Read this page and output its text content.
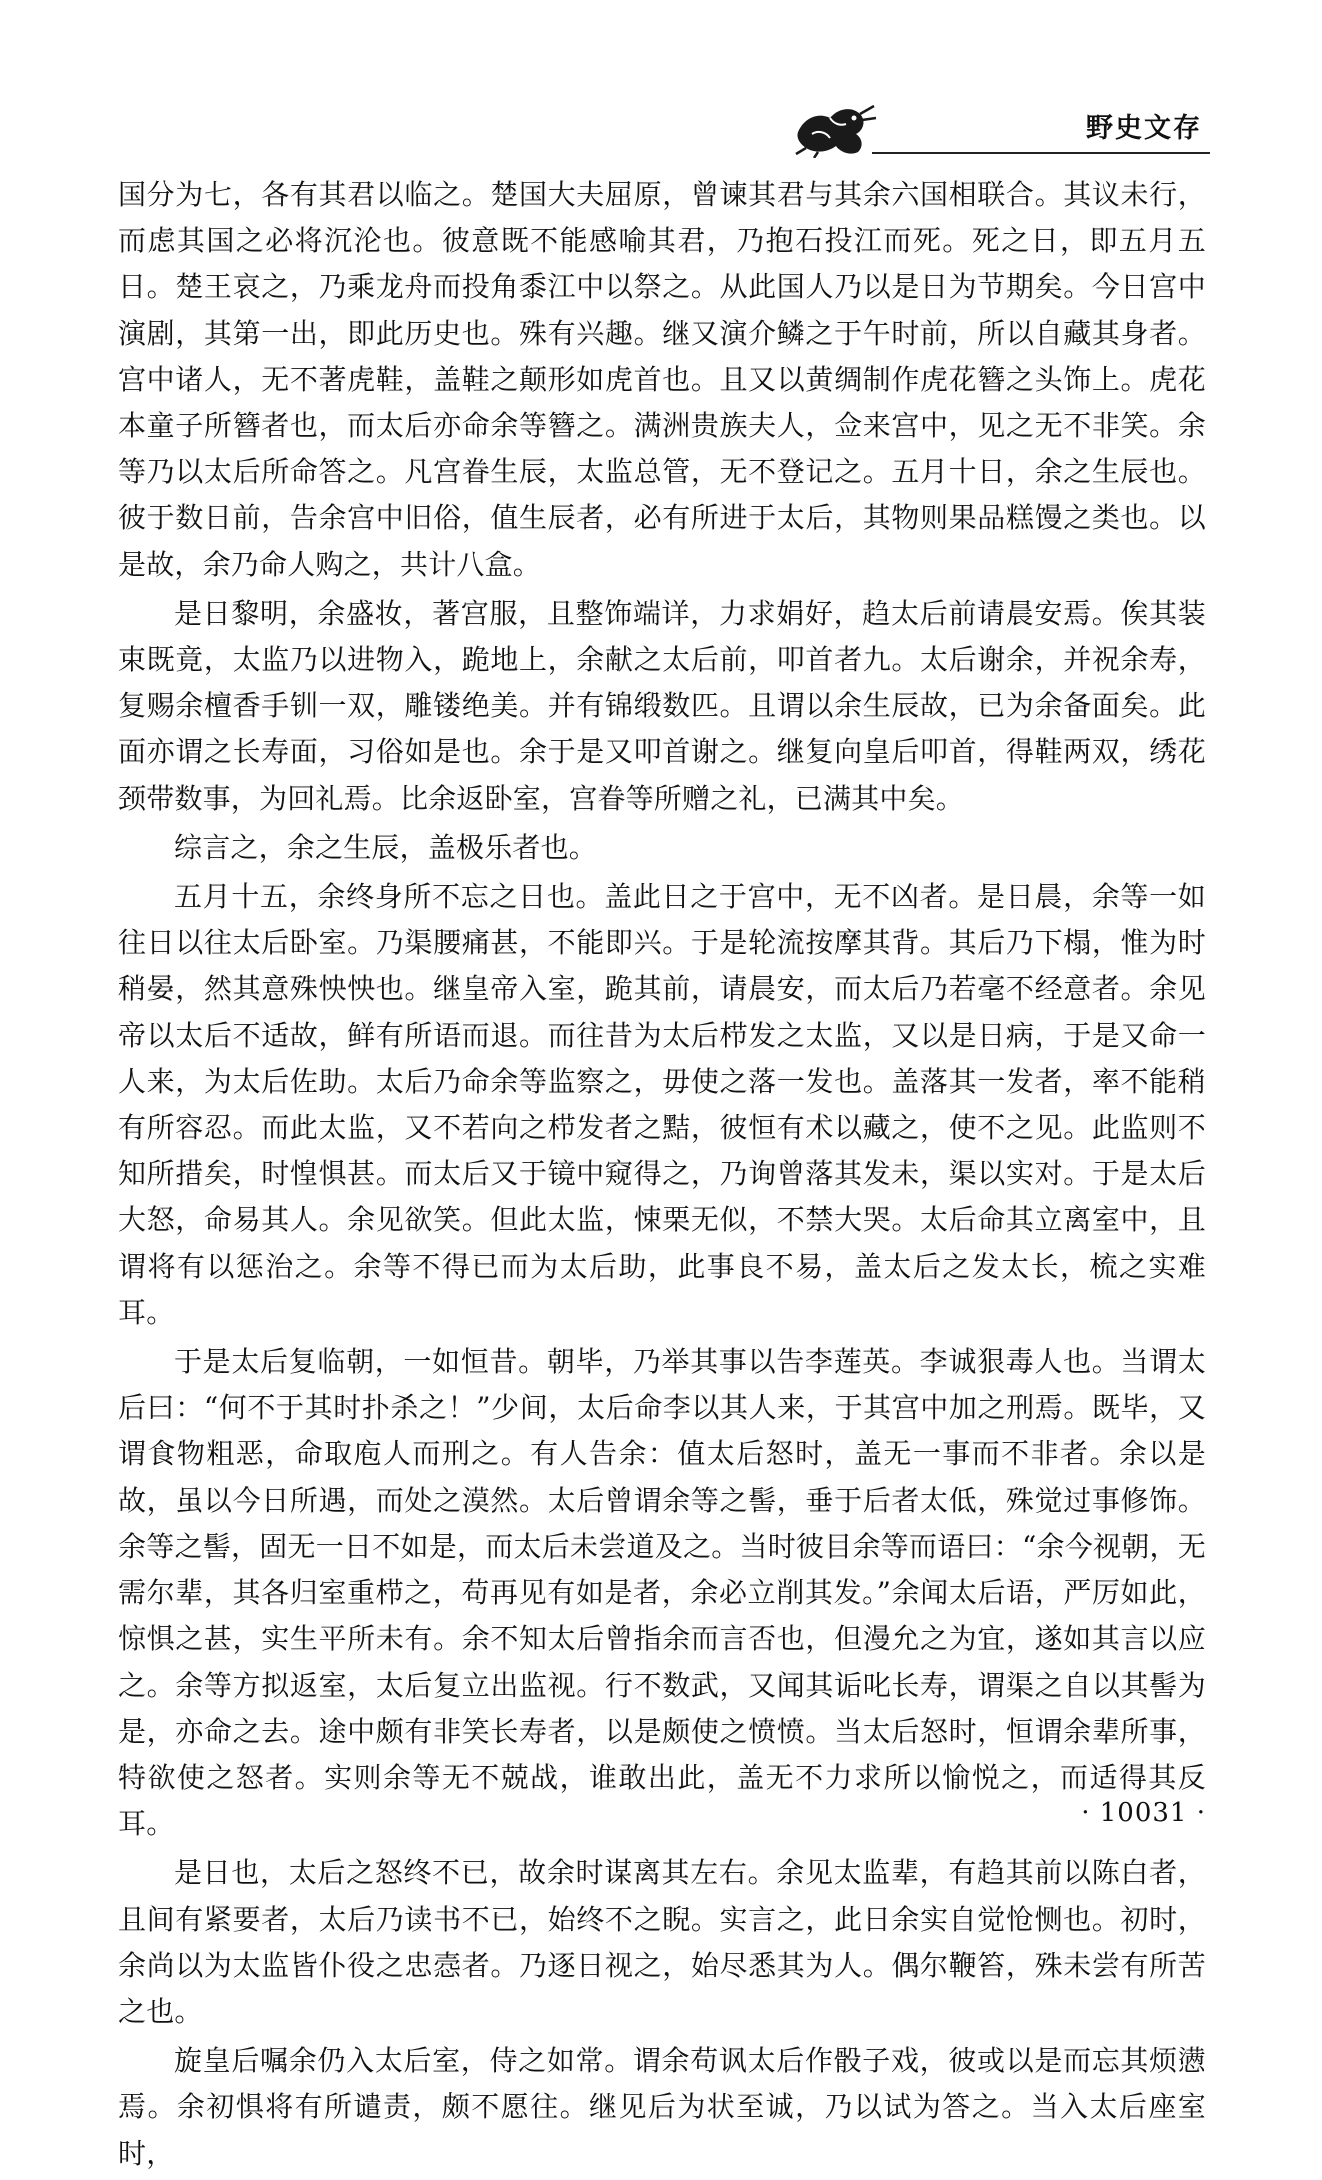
野史文存

国分为七，各有其君以临之。楚国大夫屈原，曾谏其君与其余六国相联合。其议未行，而虑其国之必将沉沦也。彼意既不能感喻其君，乃抱石投江而死。死之日，即五月五日。楚王哀之，乃乘龙舟而投角黍江中以祭之。从此国人乃以是日为节期矣。今日宫中演剧，其第一出，即此历史也。殊有兴趣。继又演介鳞之于午时前，所以自藏其身者。宫中诸人，无不著虎鞋，盖鞋之颠形如虎首也。且又以黄绸制作虎花簪之头饰上。虎花本童子所簪者也，而太后亦命余等簪之。满洲贵族夫人，佥来宫中，见之无不非笑。余等乃以太后所命答之。凡宫眷生辰，太监总管，无不登记之。五月十日，余之生辰也。彼于数日前，告余宫中旧俗，值生辰者，必有所进于太后，其物则果品糕馒之类也。以是故，余乃命人购之，共计八盒。

是日黎明，余盛妆，著宫服，且整饰端详，力求娟好，趋太后前请晨安焉。俟其装束既竟，太监乃以进物入，跪地上，余献之太后前，叩首者九。太后谢余，并祝余寿，复赐余檀香手钏一双，雕镂绝美。并有锦缎数匹。且谓以余生辰故，已为余备面矣。此面亦谓之长寿面，习俗如是也。余于是又叩首谢之。继复向皇后叩首，得鞋两双，绣花颈带数事，为回礼焉。比余返卧室，宫眷等所赠之礼，已满其中矣。

综言之，余之生辰，盖极乐者也。

五月十五，余终身所不忘之日也。盖此日之于宫中，无不凶者。是日晨，余等一如往日以往太后卧室。乃渠腰痛甚，不能即兴。于是轮流按摩其背。其后乃下榻，惟为时稍晏，然其意殊怏怏也。继皇帝入室，跪其前，请晨安，而太后乃若毫不经意者。余见帝以太后不适故，鲜有所语而退。而往昔为太后栉发之太监，又以是日病，于是又命一人来，为太后佐助。太后乃命余等监察之，毋使之落一发也。盖落其一发者，率不能稍有所容忍。而此太监，又不若向之栉发者之黠，彼恒有术以藏之，使不之见。此监则不知所措矣，时惶惧甚。而太后又于镜中窥得之，乃询曾落其发未，渠以实对。于是太后大怒，命易其人。余见欲笑。但此太监，悚栗无似，不禁大哭。太后命其立离室中，且谓将有以惩治之。余等不得已而为太后助，此事良不易，盖太后之发太长，梳之实难耳。

于是太后复临朝，一如恒昔。朝毕，乃举其事以告李莲英。李诚狠毒人也。当谓太后曰：“何不于其时扑杀之！”少间，太后命李以其人来，于其宫中加之刑焉。既毕，又谓食物粗恶，命取庖人而刑之。有人告余：值太后怒时，盖无一事而不非者。余以是故，虽以今日所遇，而处之漠然。太后曾谓余等之髻，垂于后者太低，殊觉过事修饰。余等之髻，固无一日不如是，而太后未尝道及之。当时彼目余等而语曰：“余今视朝，无需尔辈，其各归室重栉之，苟再见有如是者，余必立削其发。”余闻太后语，严厉如此，惊惧之甚，实生平所未有。余不知太后曾指余而言否也，但漫允之为宜，遂如其言以应之。余等方拟返室，太后复立出监视。行不数武，又闻其诟叱长寿，谓渠之自以其髻为是，亦命之去。途中颇有非笑长寿者，以是颇使之愤愤。当太后怒时，恒谓余辈所事，特欲使之怒者。实则余等无不兢战，谁敢出此，盖无不力求所以愉悦之，而适得其反耳。

是日也，太后之怒终不已，故余时谋离其左右。余见太监辈，有趋其前以陈白者，且间有紧要者，太后乃读书不已，始终不之睨。实言之，此日余实自觉怆恻也。初时，余尚以为太监皆仆役之忠悫者。乃逐日视之，始尽悉其为人。偶尔鞭笞，殊未尝有所苦之也。

旋皇后嘱余仍入太后室，侍之如常。谓余苟讽太后作骰子戏，彼或以是而忘其烦懑焉。余初惧将有所谴责，颇不愿往。继见后为状至诚，乃以试为答之。当入太后座室时，

· 10031 ·
